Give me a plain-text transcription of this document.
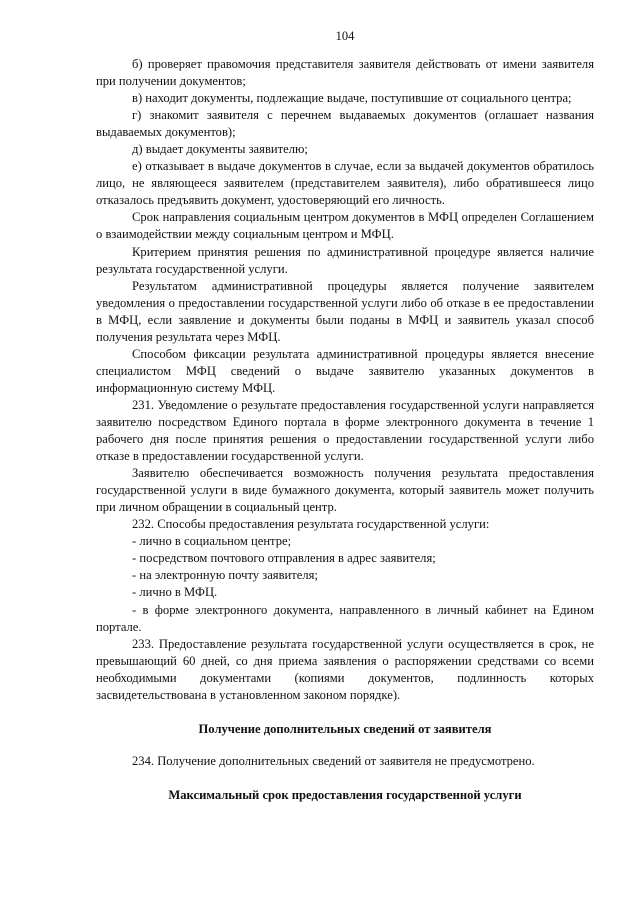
104

б) проверяет правомочия представителя заявителя действовать от имени заявителя при получении документов;

в) находит документы, подлежащие выдаче, поступившие от социального центра;

г) знакомит заявителя с перечнем выдаваемых документов (оглашает названия выдаваемых документов);

д) выдает документы заявителю;

е) отказывает в выдаче документов в случае, если за выдачей документов обратилось лицо, не являющееся заявителем (представителем заявителя), либо обратившееся лицо отказалось предъявить документ, удостоверяющий его личность.

Срок направления социальным центром документов в МФЦ определен Соглашением о взаимодействии между социальным центром и МФЦ.

Критерием принятия решения по административной процедуре является наличие результата государственной услуги.

Результатом административной процедуры является получение заявителем уведомления о предоставлении государственной услуги либо об отказе в ее предоставлении в МФЦ, если заявление и документы были поданы в МФЦ и заявитель указал способ получения результата через МФЦ.

Способом фиксации результата административной процедуры является внесение специалистом МФЦ сведений о выдаче заявителю указанных документов в информационную систему МФЦ.

231. Уведомление о результате предоставления государственной услуги направляется заявителю посредством Единого портала в форме электронного документа в течение 1 рабочего дня после принятия решения о предоставлении государственной услуги либо отказе в предоставлении государственной услуги.

Заявителю обеспечивается возможность получения результата предоставления государственной услуги в виде бумажного документа, который заявитель может получить при личном обращении в социальный центр.

232. Способы предоставления результата государственной услуги:

- лично в социальном центре;

- посредством почтового отправления в адрес заявителя;

- на электронную почту заявителя;

- лично в МФЦ.

- в форме электронного документа, направленного в личный кабинет на Едином портале.

233. Предоставление результата государственной услуги осуществляется в срок, не превышающий 60 дней, со дня приема заявления о распоряжении средствами со всеми необходимыми документами (копиями документов, подлинность которых засвидетельствована в установленном законом порядке).

Получение дополнительных сведений от заявителя

234. Получение дополнительных сведений от заявителя не предусмотрено.

Максимальный срок предоставления государственной услуги
